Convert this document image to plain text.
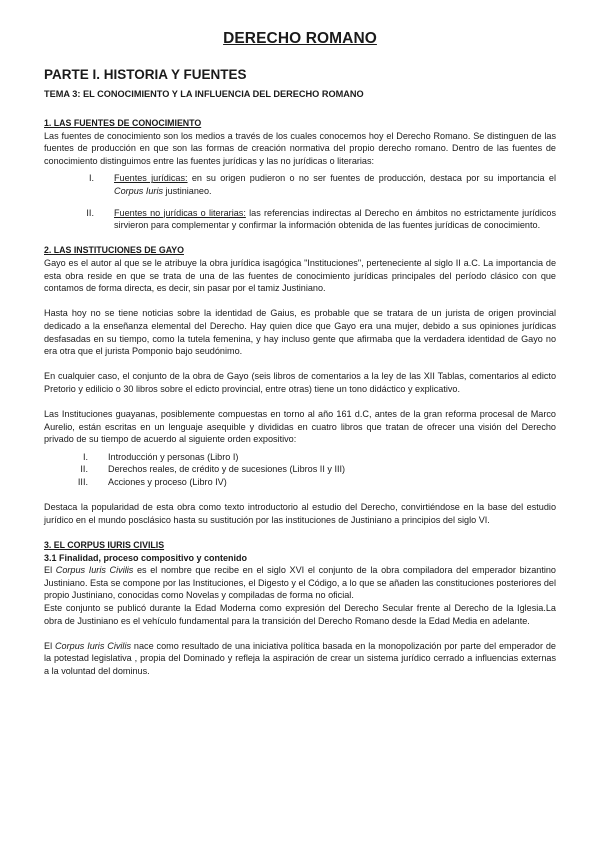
DERECHO ROMANO
PARTE I. HISTORIA Y FUENTES
TEMA 3: EL CONOCIMIENTO Y LA INFLUENCIA DEL DERECHO ROMANO
1. LAS FUENTES DE CONOCIMIENTO

Las fuentes de conocimiento son los medios a través de los cuales conocemos hoy el Derecho Romano. Se distinguen de las fuentes de producción en que son las formas de creación normativa del propio derecho romano. Dentro de las fuentes de conocimiento distinguimos entre las fuentes jurídicas y las no jurídicas o literarias:

I.	Fuentes jurídicas: en su origen pudieron o no ser fuentes de producción, destaca por su importancia el Corpus Iuris justinianeo.
II.	Fuentes no jurídicas o literarias: las referencias indirectas al Derecho en ámbitos no estrictamente jurídicos sirvieron para complementar y confirmar la información obtenida de las fuentes jurídicas de conocimiento.
2. LAS INSTITUCIONES DE GAYO

Gayo es el autor al que se le atribuye la obra jurídica isagógica "Instituciones", perteneciente al siglo II a.C. La importancia de esta obra reside en que se trata de una de las fuentes de conocimiento jurídicas principales del período clásico con que contamos de forma directa, es decir, sin pasar por el tamiz Justiniano.

Hasta hoy no se tiene noticias sobre la identidad de Gaius, es probable que se tratara de un jurista de origen provincial dedicado a la enseñanza elemental del Derecho. Hay quien dice que Gayo era una mujer, debido a sus opiniones jurídicas desfasadas en su tiempo, como la tutela femenina, y hay incluso gente que afirmaba que la verdadera identidad de Gayo no era otra que el jurista Pomponio bajo seudónimo.

En cualquier caso, el conjunto de la obra de Gayo (seis libros de comentarios a la ley de las XII Tablas, comentarios al edicto Pretorio y edilicio o 30 libros sobre el edicto provincial, entre otras) tiene un tono didáctico y explicativo.

Las Instituciones guayanas, posiblemente compuestas en torno al año 161 d.C, antes de la gran reforma procesal de Marco Aurelio, están escritas en un lenguaje asequible y divididas en cuatro libros que tratan de ofrecer una visión del Derecho privado de su tiempo de acuerdo al siguiente orden expositivo:

I.	Introducción y personas (Libro I)
II.	Derechos reales, de crédito y de sucesiones (Libros II y III)
III.	Acciones y proceso (Libro IV)

Destaca la popularidad de esta obra como texto introductorio al estudio del Derecho, convirtiéndose en la base del estudio jurídico en el mundo posclásico hasta su sustitución por las instituciones de Justiniano a principios del siglo VI.

3. EL CORPUS IURIS CIVILIS
3.1 Finalidad, proceso compositivo y contenido

El Corpus Iuris Civilis es el nombre que recibe en el siglo XVI el conjunto de la obra compiladora del emperador bizantino Justiniano. Esta se compone por las Instituciones, el Digesto y el Código, a lo que se añaden las constituciones posteriores del propio Justiniano, conocidas como Novelas y compiladas de forma no oficial.

Este conjunto se publicó durante la Edad Moderna como expresión del Derecho Secular frente al Derecho de la Iglesia.La obra de Justiniano es el vehículo fundamental para la transición del Derecho Romano desde la Edad Media en adelante.

El Corpus Iuris Civilis nace como resultado de una iniciativa política basada en la monopolización por parte del emperador de la potestad legislativa , propia del Dominado y refleja la aspiración de crear un sistema jurídico cerrado a influencias externas a la voluntad del dominus.
